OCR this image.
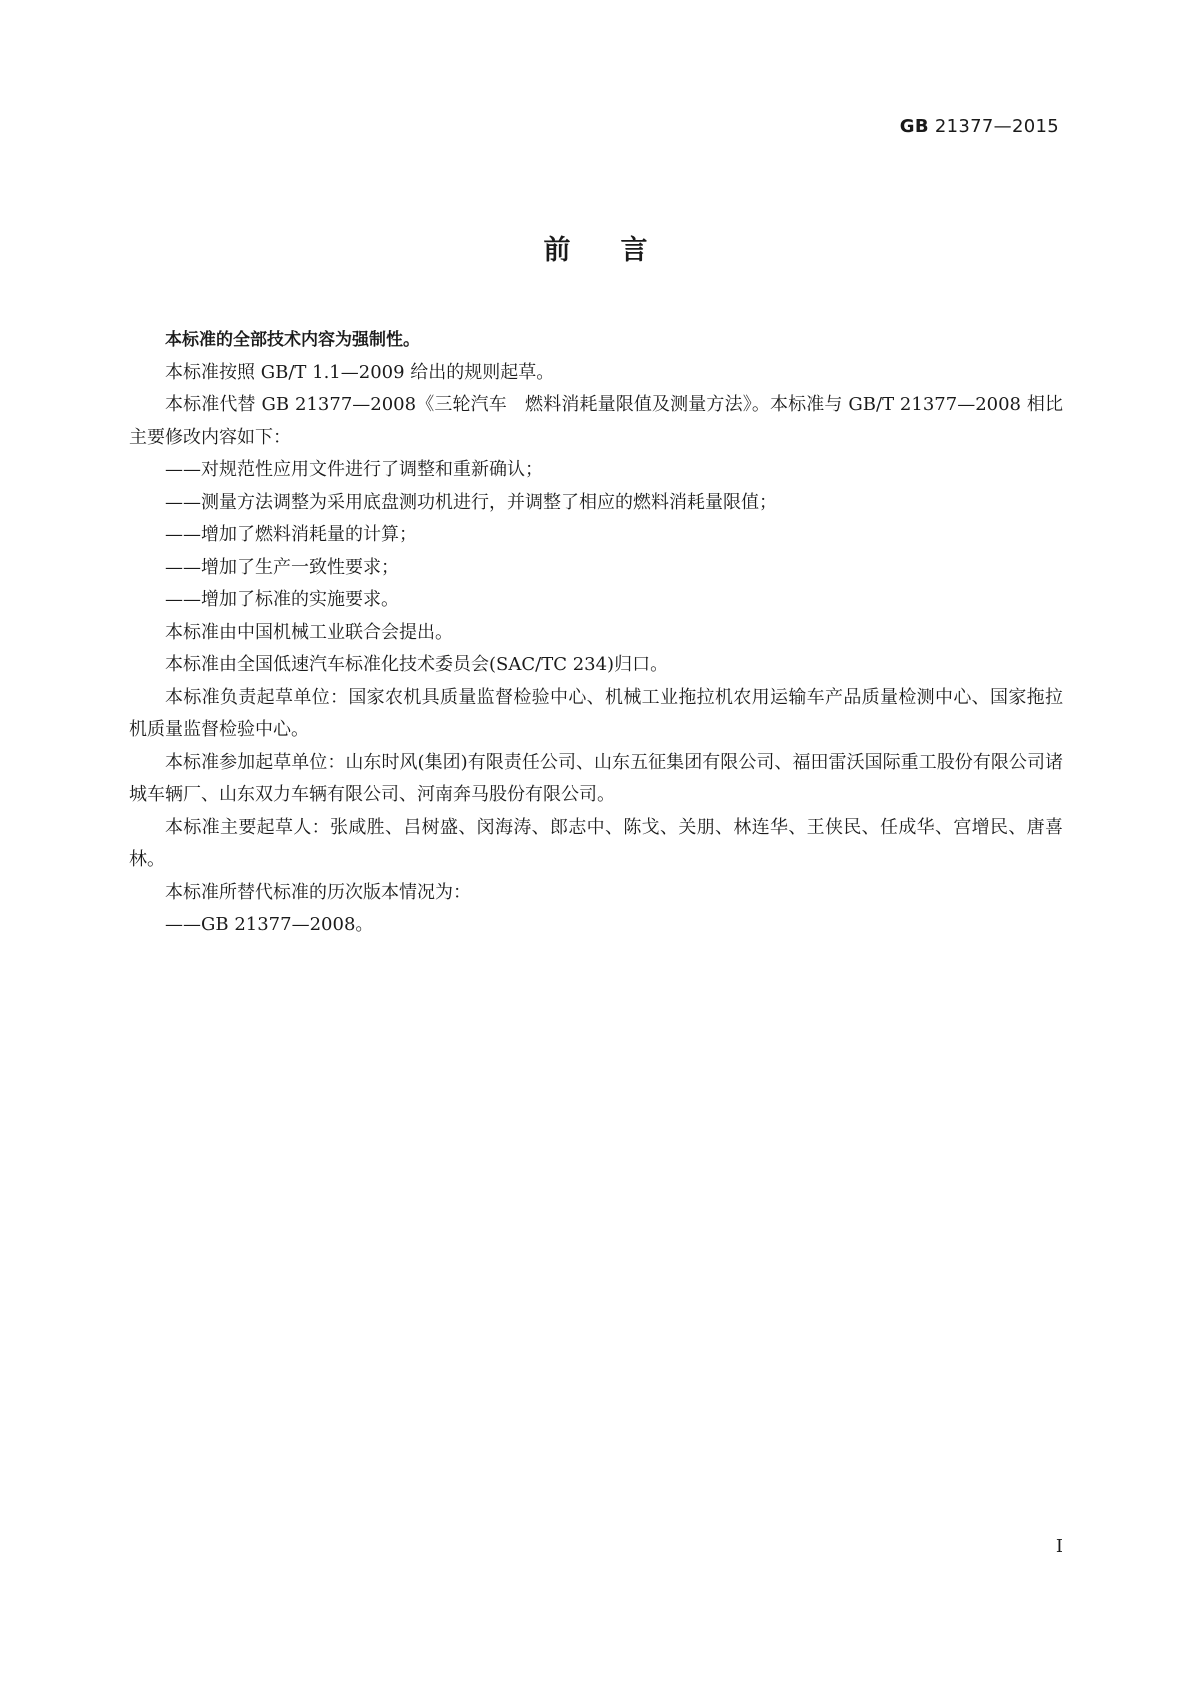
GB 21377—2015
前言

本标准的全部技术内容为强制性。

本标准按照 GB/T 1.1—2009 给出的规则起草。

本标准代替 GB 21377—2008《三轮汽车　燃料消耗量限值及测量方法》。本标准与 GB/T 21377—2008 相比主要修改内容如下：

——对规范性应用文件进行了调整和重新确认；

——测量方法调整为采用底盘测功机进行，并调整了相应的燃料消耗量限值；

——增加了燃料消耗量的计算；

——增加了生产一致性要求；

——增加了标准的实施要求。

本标准由中国机械工业联合会提出。

本标准由全国低速汽车标准化技术委员会(SAC/TC 234)归口。

本标准负责起草单位：国家农机具质量监督检验中心、机械工业拖拉机农用运输车产品质量检测中心、国家拖拉机质量监督检验中心。

本标准参加起草单位：山东时风(集团)有限责任公司、山东五征集团有限公司、福田雷沃国际重工股份有限公司诸城车辆厂、山东双力车辆有限公司、河南奔马股份有限公司。

本标准主要起草人：张咸胜、吕树盛、闵海涛、郎志中、陈戈、关朋、林连华、王侠民、任成华、宫增民、唐喜林。

本标准所替代标准的历次版本情况为：

——GB 21377—2008。

I
